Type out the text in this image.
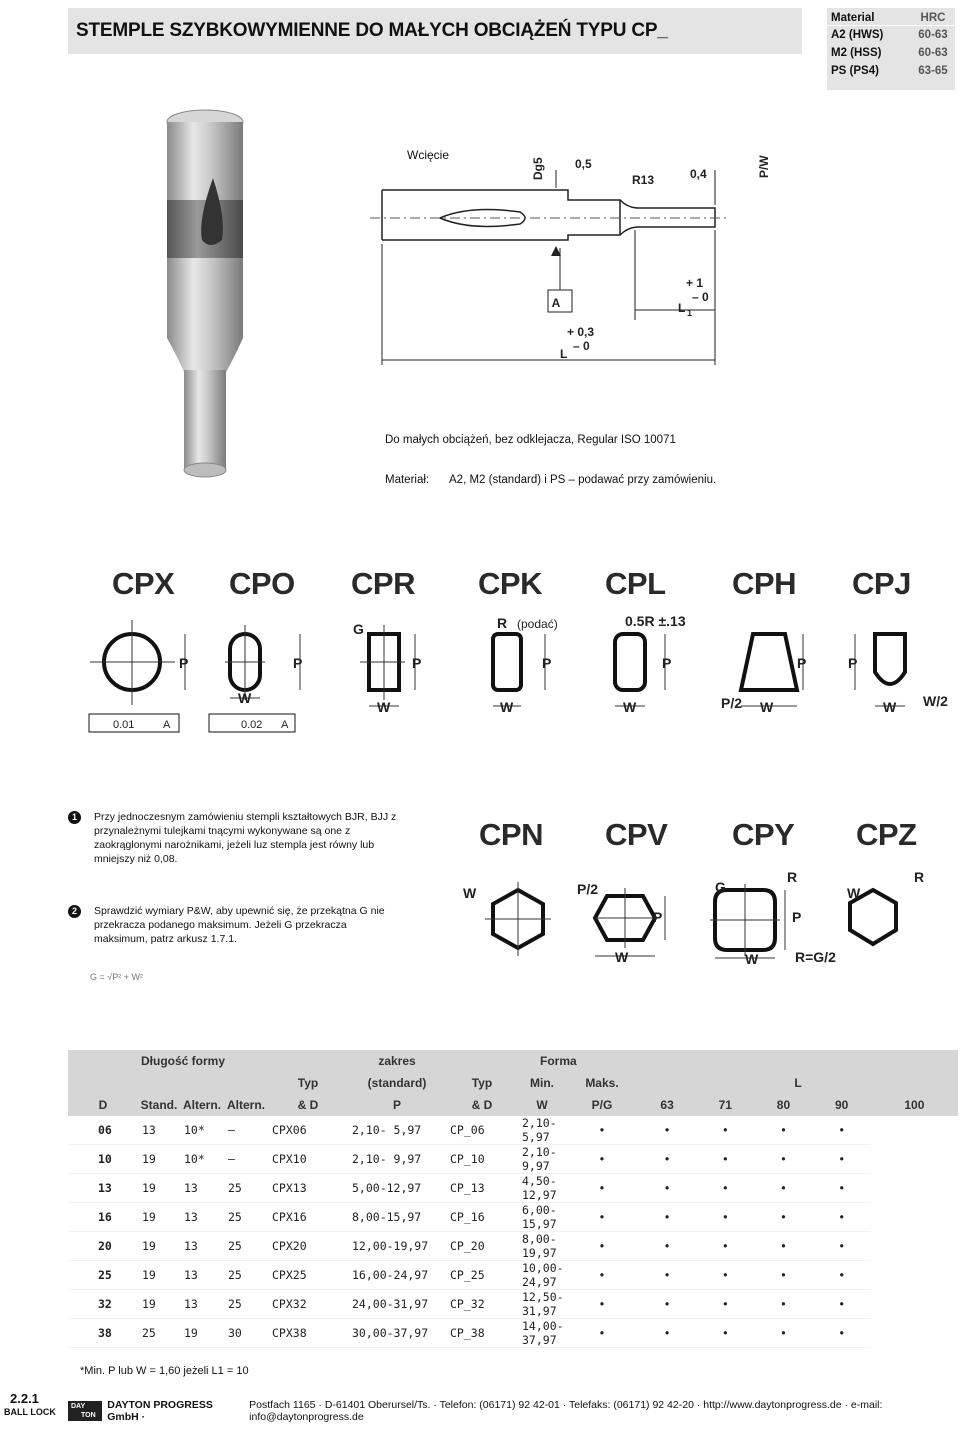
STEMPLE SZYBKOWYMIENNE DO MAŁYCH OBCIĄŻEŃ TYPU CP_
Material	HRC
A2 (HWS)	60-63
M2 (HSS)	60-63
PS (PS4)	63-65
A
Dg5	0,5
R13	0,4	P/W
+ 1
– 0
L 1
+ 0,3
– 0
L
Wcięcie
Do małych obciążeń, bez odklejacza, Regular ISO 10071
Materiał: A2, M2 (standard) i PS – podawać przy zamówieniu.
CPX CPO CPR CPK CPL CPH CPJ
P	P
W
P
W
G
P
W
R (podać)
P
W
0.5R ±.13
P
W
P/2
P
W W/2
0.01	A	0.02 A
1	Przy jednoczesnym zamówieniu stempli kształtowych BJR, BJJ z przynależnymi tulejkami tnącymi wykonywane są one z zaokrąglonymi narożnikami, jeżeli luz stempla jest równy lub mniejszy niż 0,08.
2	Sprawdzić wymiary P&W, aby upewnić się, że przekątna G nie przekracza podanego maksimum. Jeżeli G przekracza maksimum, patrz arkusz 1.7.1.
G = √P² + W²
CPN CPV CPY CPZ
W	P/2
P
W
G
R
P
W	R=G/2
W
R
Długość formy					zakres		Forma						
				Typ	(standard)	Typ	Min.	Maks.	L				
D	Stand.	Altern.	Altern.	& D	P	& D	W	P/G	63	71	80	90	100
06	13	10*	–	CPX06	2,10- 5,97	CP_06	2,10- 5,97	•	•	•	•	•	
10	19	10*	–	CPX10	2,10- 9,97	CP_10	2,10- 9,97	•	•	•	•	•	
13	19	13	25	CPX13	5,00-12,97	CP_13	4,50-12,97	•	•	•	•	•	
16	19	13	25	CPX16	8,00-15,97	CP_16	6,00-15,97	•	•	•	•	•	
20	19	13	25	CPX20	12,00-19,97	CP_20	8,00-19,97	•	•	•	•	•	
25	19	13	25	CPX25	16,00-24,97	CP_25	10,00-24,97	•	•	•	•	•	
32	19	13	25	CPX32	24,00-31,97	CP_32	12,50-31,97	•	•	•	•	•	
38	25	19	30	CPX38	30,00-37,97	CP_38	14,00-37,97	•	•	•	•	•	
*Min. P lub W = 1,60 jeżeli L1 = 10
2.2.1
BALL LOCK
DAY
TON
DAYTON PROGRESS GmbH ·
Postfach 1165 · D-61401 Oberursel/Ts. · Telefon: (06171) 92 42-01 · Telefaks: (06171) 92 42-20 · http://www.daytonprogress.de · e-mail: info@daytonprogress.de
